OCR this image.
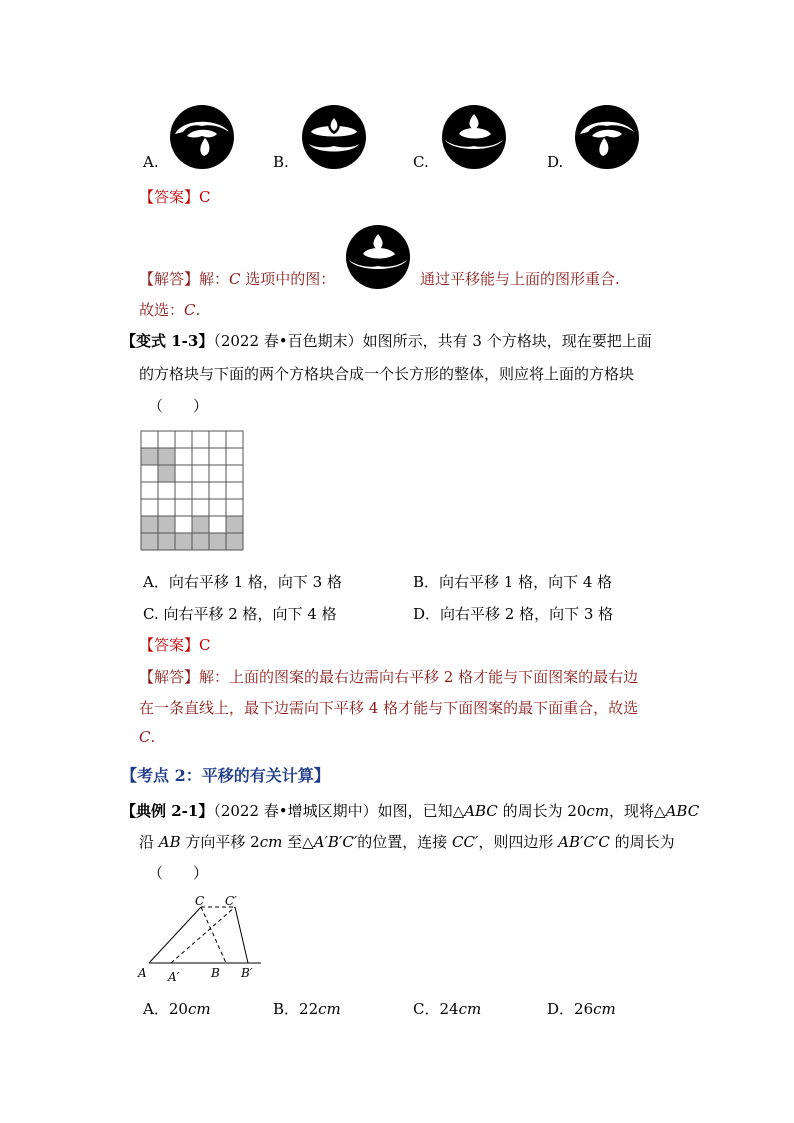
A.	B.	C.	D.
【答案】C
【解答】解：C 选项中的图：	通过平移能与上面的图形重合.
故选：C.
【变式 1-3】（2022 春•百色期末）如图所示，共有 3 个方格块，现在要把上面
的方格块与下面的两个方格块合成一个长方形的整体，则应将上面的方格块
（　　）
A．向右平移 1 格，向下 3 格	B．向右平移 1 格，向下 4 格
C. 向右平移 2 格，向下 4 格	D．向右平移 2 格，向下 3 格
【答案】C
【解答】解：上面的图案的最右边需向右平移 2 格才能与下面图案的最右边
在一条直线上，最下边需向下平移 4 格才能与下面图案的最下面重合，故选
C.
【考点 2：平移的有关计算】
【典例 2-1】（2022 春•增城区期中）如图，已知△ABC 的周长为 20cm，现将△ABC
沿 AB 方向平移 2cm 至△A′B′C′的位置，连接 CC′，则四边形 AB′C′C 的周长为
（　　）
C C′
A A′	B B′
A．20cm	B．22cm	C．24cm	D．26cm
